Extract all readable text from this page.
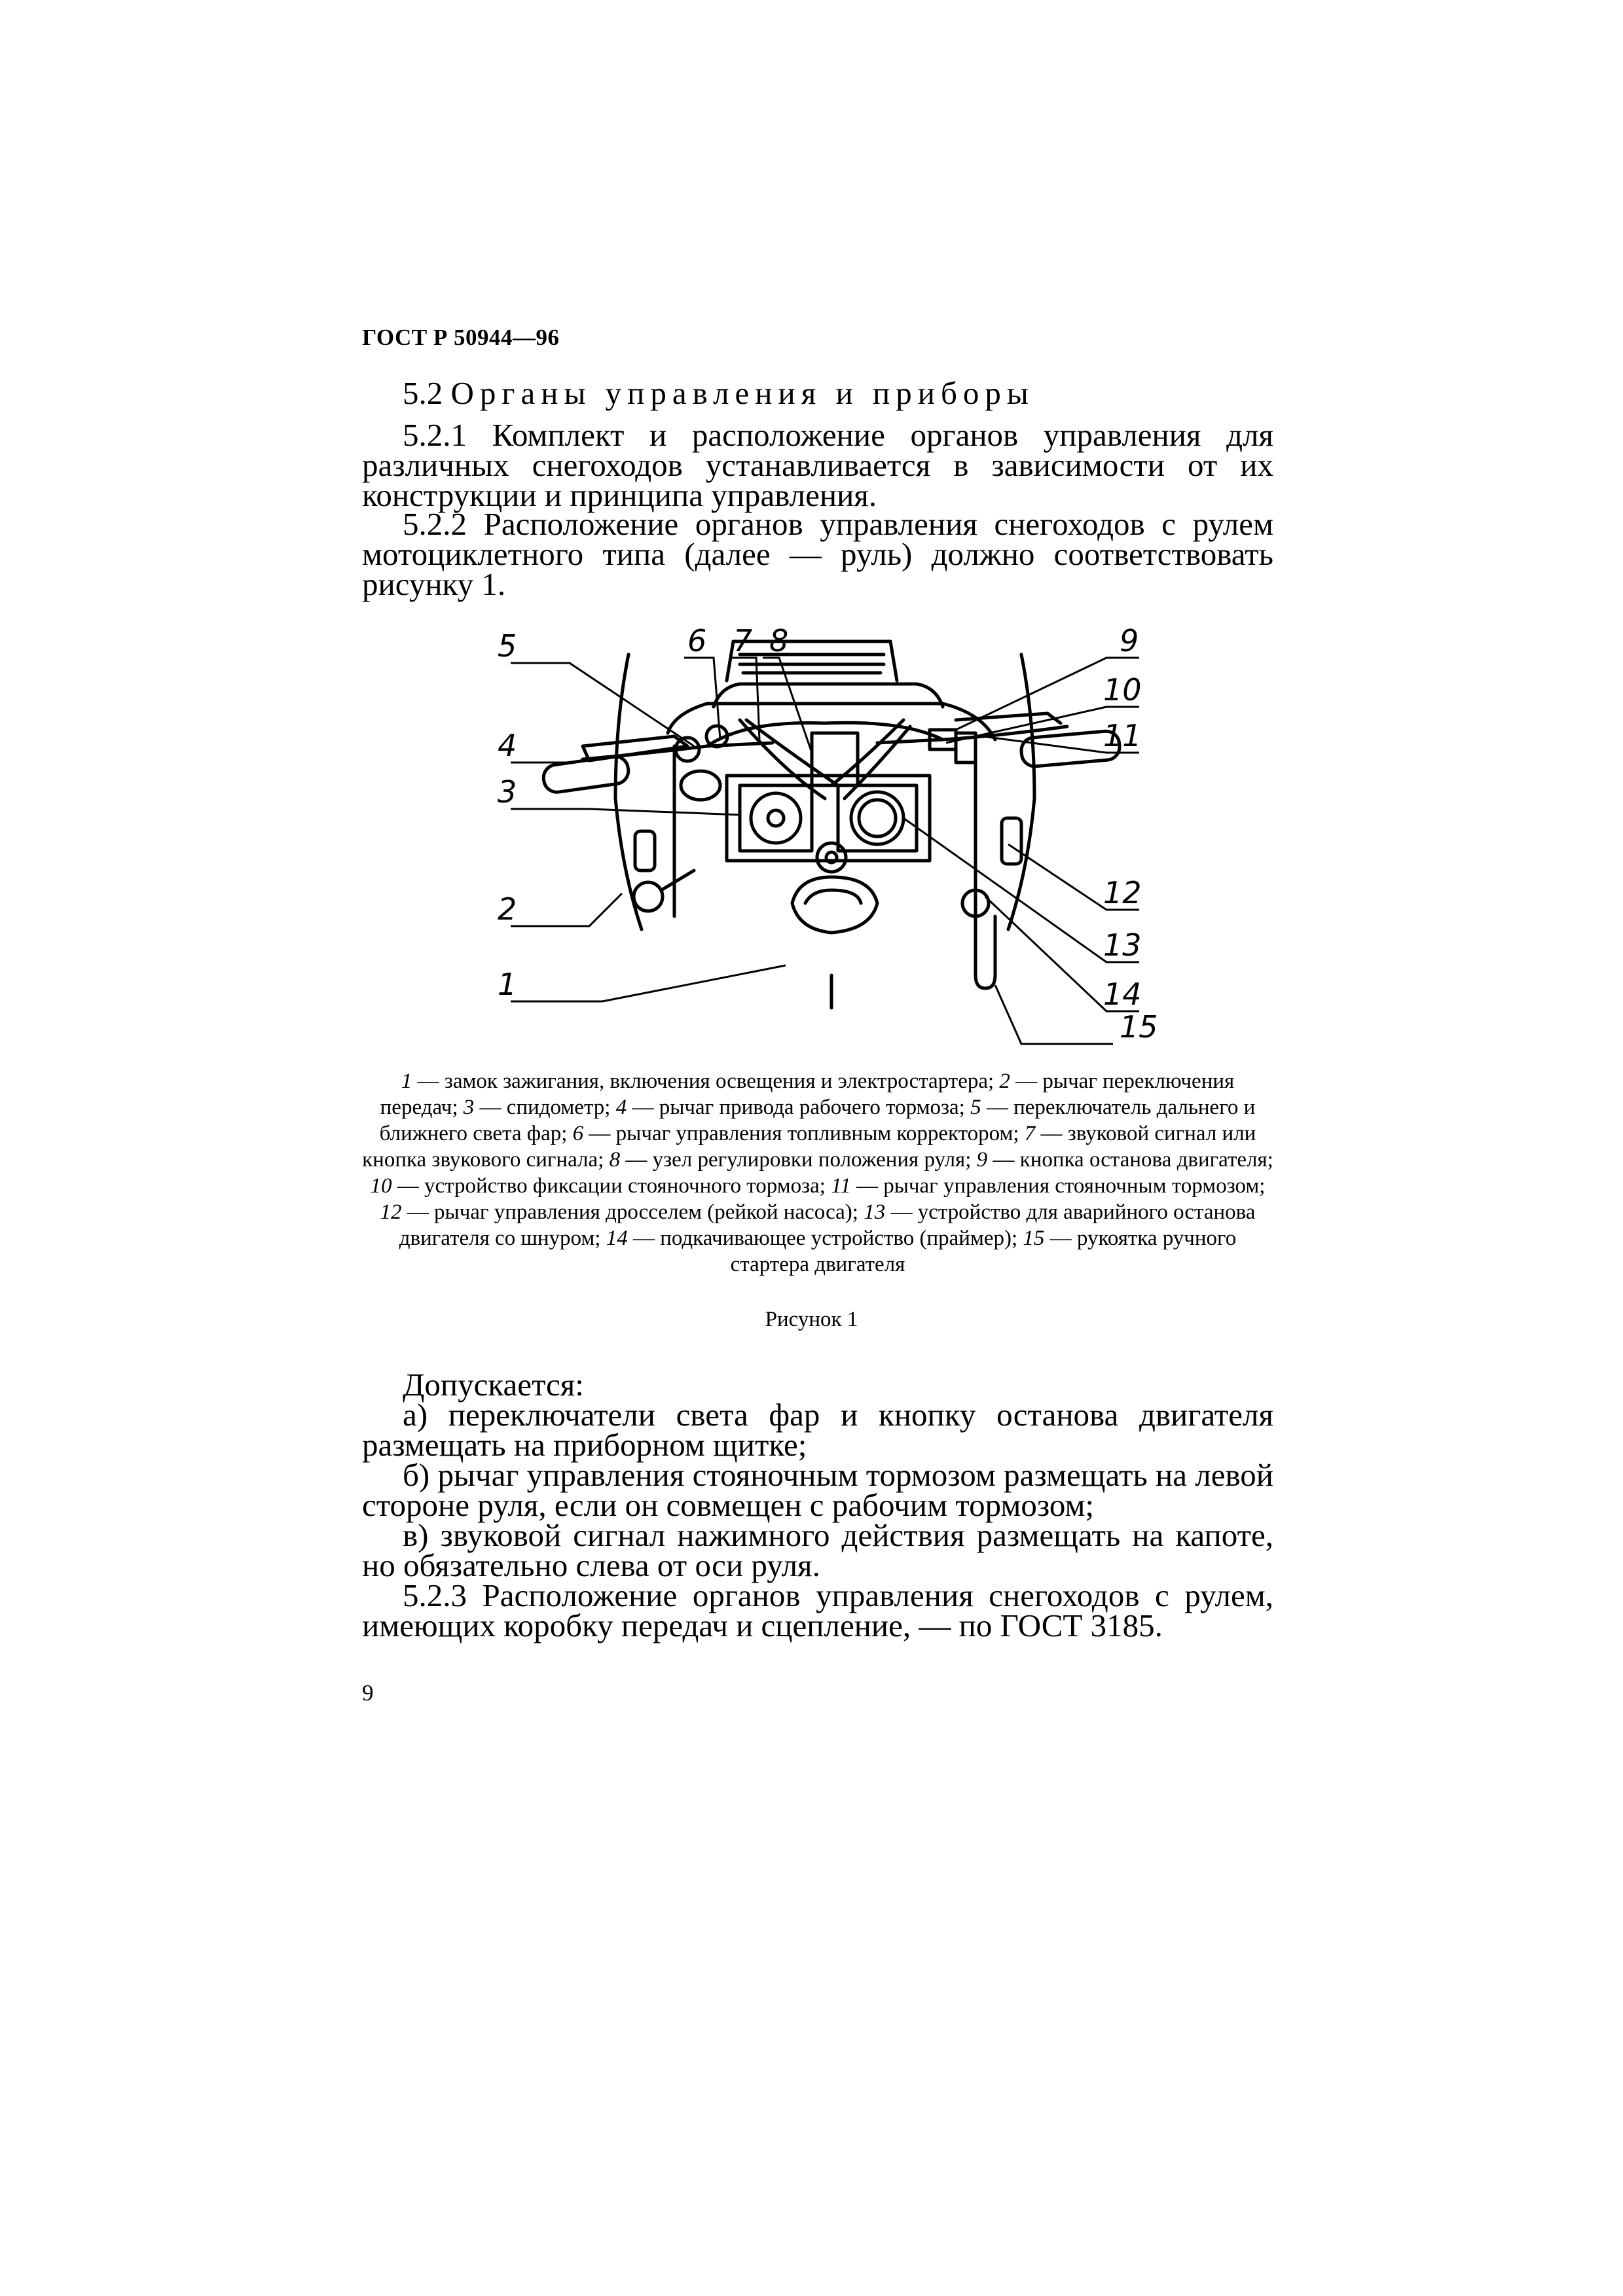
ГОСТ Р 50944—96
5.2 Органы управления и приборы
5.2.1 Комплект и расположение органов управления для различных снегоходов устанавливается в зависимости от их конструкции и принципа управления.
5.2.2 Расположение органов управления снегоходов с рулем мотоциклетного типа (далее — руль) должно соответствовать рисунку 1.
1
2
3
4
5	6 7 8	9
10
11
12
13
14
15
1 — замок зажигания, включения освещения и электростартера; 2 — рычаг переключения передач; 3 — спидометр; 4 — рычаг привода рабочего тормоза; 5 — переключатель дальнего и ближнего света фар; 6 — рычаг управления топливным корректором; 7 — звуковой сигнал или кнопка звукового сигнала; 8 — узел регулировки положения руля; 9 — кнопка останова двигателя; 10 — устройство фиксации стояночного тормоза; 11 — рычаг управления стояночным тормозом; 12 — рычаг управления дросселем (рейкой насоса); 13 — устройство для аварийного останова двигателя со шнуром; 14 — подкачивающее устройство (праймер); 15 — рукоятка ручного стартера двигателя
Рисунок 1
Допускается:
а) переключатели света фар и кнопку останова двигателя размещать на приборном щитке;
б) рычаг управления стояночным тормозом размещать на левой стороне руля, если он совмещен с рабочим тормозом;
в) звуковой сигнал нажимного действия размещать на капоте, но обязательно слева от оси руля.
5.2.3 Расположение органов управления снегоходов с рулем, имеющих коробку передач и сцепление, — по ГОСТ 3185.
9
